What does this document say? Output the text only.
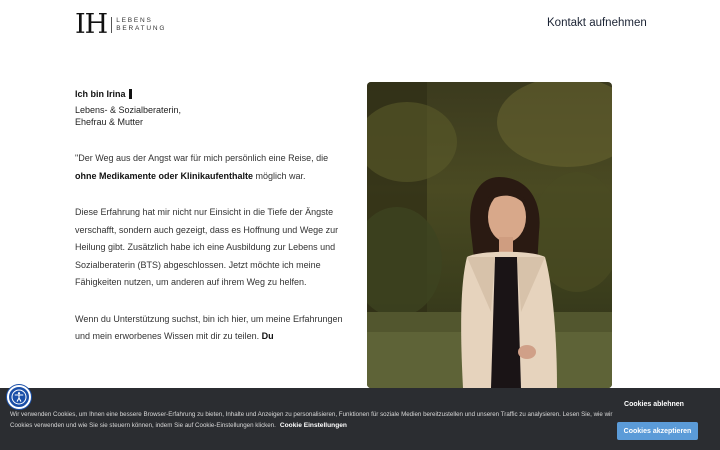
IH LEBENS
BERATUNG	Kontakt aufnehmen
Ich bin Irina
Lebens- & Sozialberaterin,
Ehefrau & Mutter

"Der Weg aus der Angst war für mich persönlich eine Reise, die ohne Medikamente oder Klinikaufenthalte möglich war.

Diese Erfahrung hat mir nicht nur Einsicht in die Tiefe der Ängste verschafft, sondern auch gezeigt, dass es Hoffnung und Wege zur Heilung gibt. Zusätzlich habe ich eine Ausbildung zur Lebens und Sozialberaterin (BTS) abgeschlossen. Jetzt möchte ich meine Fähigkeiten nutzen, um anderen auf ihrem Weg zu helfen.

Wenn du Unterstützung suchst, bin ich hier, um meine Erfahrungen und mein erworbenes Wissen mit dir zu teilen. Du

Wir verwenden Cookies, um Ihnen eine bessere Browser-Erfahrung zu bieten, Inhalte und Anzeigen zu personalisieren, Funktionen für soziale Medien bereitzustellen und unseren Traffic zu analysieren. Lesen Sie, wie wir Cookies verwenden und wie Sie sie steuern können, indem Sie auf Cookie-Einstellungen klicken. Cookie Einstellungen
Cookies ablehnen
Cookies akzeptieren
